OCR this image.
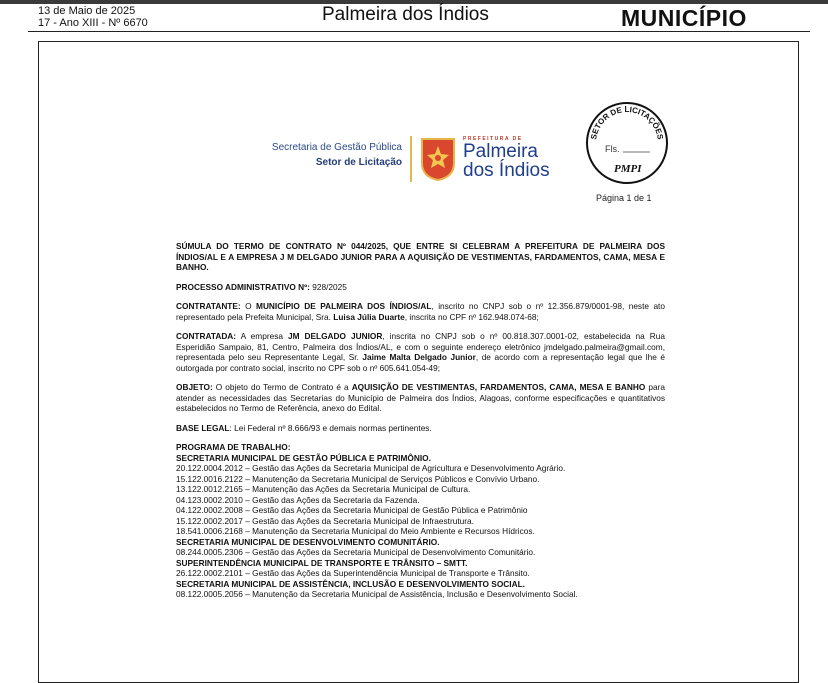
13 de Maio de 2025
17 - Ano XIII - Nº 6670	Palmeira dos Índios	MUNICÍPIO
Secretaria de Gestão Pública
Setor de Licitação
PREFEITURA DE
Palmeira
dos Índios
SETOR DE LICITAÇÕES
Fls.
PMPI
Página 1 de 1

SÚMULA DO TERMO DE CONTRATO Nº 044/2025, QUE ENTRE SI CELEBRAM A PREFEITURA DE PALMEIRA DOS ÍNDIOS/AL E A EMPRESA J M DELGADO JUNIOR PARA A AQUISIÇÃO DE VESTIMENTAS, FARDAMENTOS, CAMA, MESA E BANHO.

PROCESSO ADMINISTRATIVO Nº: 928/2025

CONTRATANTE: O MUNICÍPIO DE PALMEIRA DOS ÍNDIOS/AL, inscrito no CNPJ sob o nº 12.356.879/0001-98, neste ato representado pela Prefeita Municipal, Sra. Luisa Júlia Duarte, inscrita no CPF nº 162.948.074-68;

CONTRATADA: A empresa JM DELGADO JUNIOR, inscrita no CNPJ sob o nº 00.818.307.0001-02, estabelecida na Rua Esperidião Sampaio, 81, Centro, Palmeira dos Índios/AL, e com o seguinte endereço eletrônico jmdelgado.palmeira@gmail.com, representada pelo seu Representante Legal, Sr. Jaime Malta Delgado Junior, de acordo com a representação legal que lhe é outorgada por contrato social, inscrito no CPF sob o nº 605.641.054-49;

OBJETO: O objeto do Termo de Contrato é a AQUISIÇÃO DE VESTIMENTAS, FARDAMENTOS, CAMA, MESA E BANHO para atender as necessidades das Secretarias do Município de Palmeira dos Índios, Alagoas, conforme especificações e quantitativos estabelecidos no Termo de Referência, anexo do Edital.

BASE LEGAL: Lei Federal nº 8.666/93 e demais normas pertinentes.

PROGRAMA DE TRABALHO:

SECRETARIA MUNICIPAL DE GESTÃO PÚBLICA E PATRIMÔNIO.

20.122.0004.2012 – Gestão das Ações da Secretaria Municipal de Agricultura e Desenvolvimento Agrário.

15.122.0016.2122 – Manutenção da Secretaria Municipal de Serviços Públicos e Convívio Urbano.

13.122.0012.2165 – Manutenção das Ações da Secretaria Municipal de Cultura.

04.123.0002.2010 – Gestão das Ações da Secretaria da Fazenda.

04.122.0002.2008 – Gestão das Ações da Secretaria Municipal de Gestão Pública e Patrimônio

15.122.0002.2017 – Gestão das Ações da Secretaria Municipal de Infraestrutura.

18.541.0006.2168 – Manutenção da Secretaria Municipal do Meio Ambiente e Recursos Hídricos.

SECRETARIA MUNICIPAL DE DESENVOLVIMENTO COMUNITÁRIO.

08.244.0005.2306 – Gestão das Ações da Secretaria Municipal de Desenvolvimento Comunitário.

SUPERINTENDÊNCIA MUNICIPAL DE TRANSPORTE E TRÂNSITO – SMTT.

26.122.0002.2101 – Gestão das Ações da Superintendência Municipal de Transporte e Trânsito.

SECRETARIA MUNICIPAL DE ASSISTÊNCIA, INCLUSÃO E DESENVOLVIMENTO SOCIAL.

08.122.0005.2056 – Manutenção da Secretaria Municipal de Assistência, Inclusão e Desenvolvimento Social.
